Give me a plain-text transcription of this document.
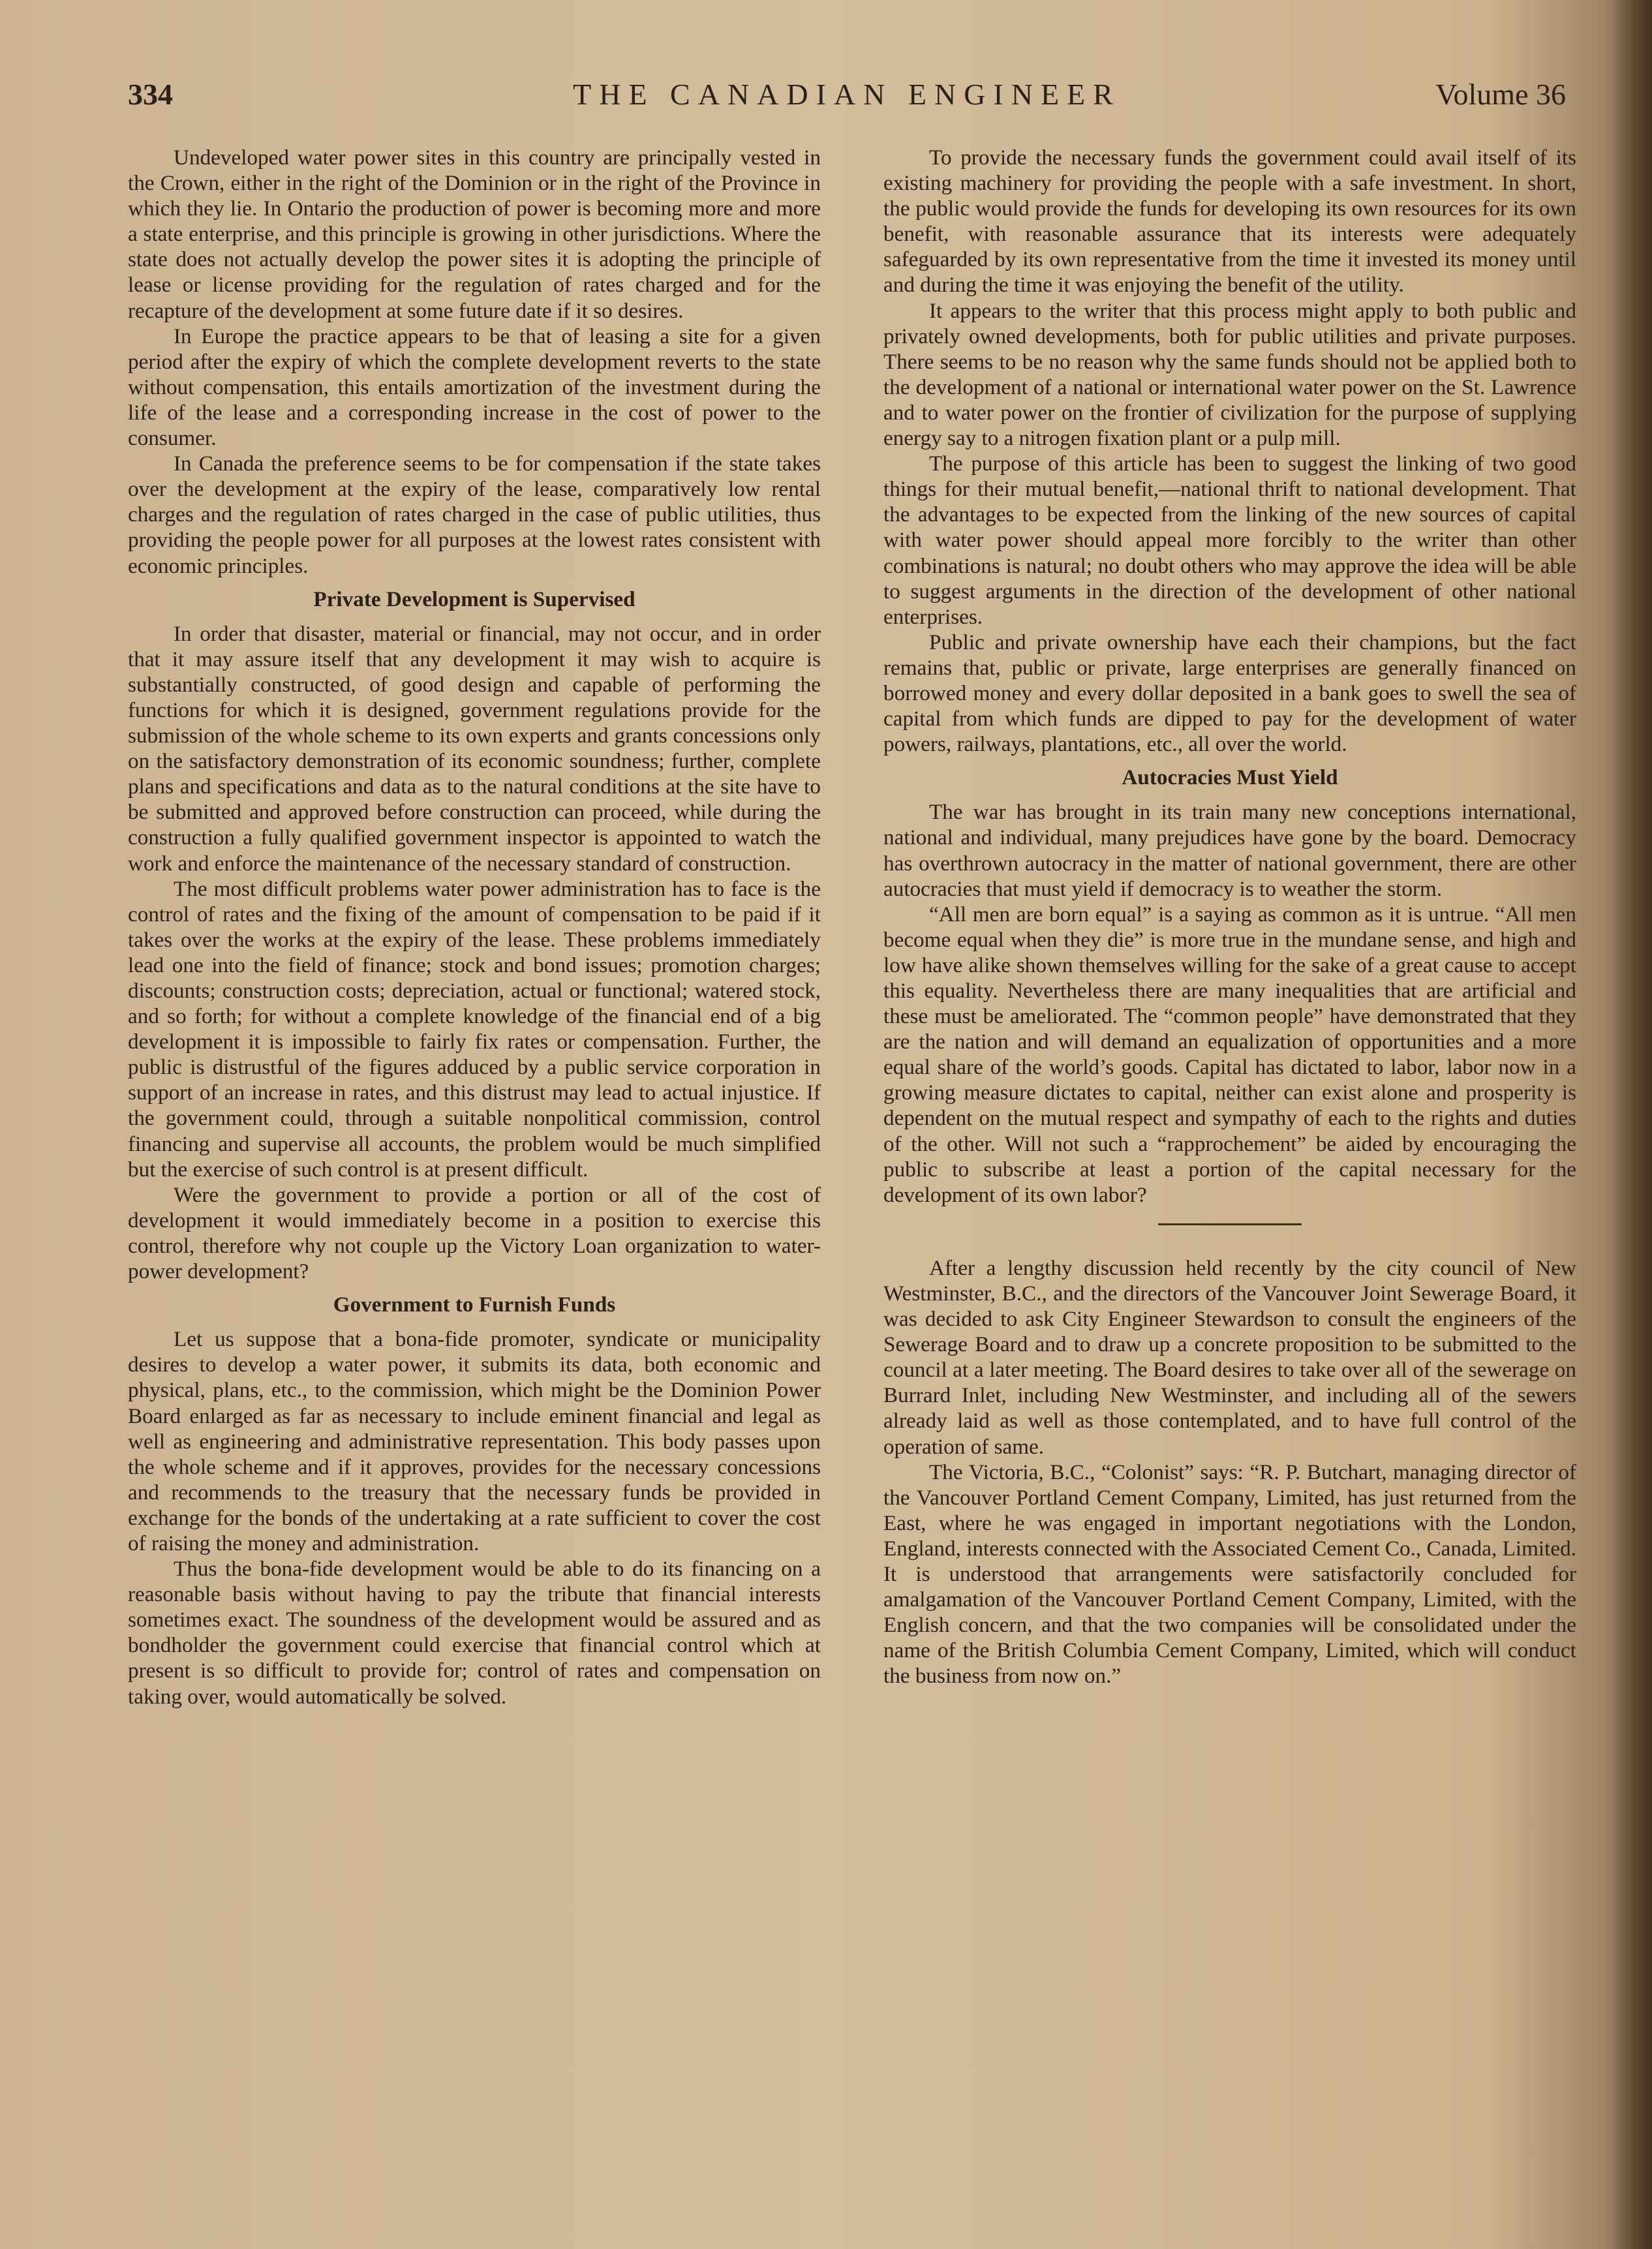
334	THE CANADIAN ENGINEER	Volume 36

Undeveloped water power sites in this country are principally vested in the Crown, either in the right of the Dominion or in the right of the Province in which they lie. In Ontario the production of power is becoming more and more a state enterprise, and this principle is growing in other jurisdictions. Where the state does not actually develop the power sites it is adopting the principle of lease or license providing for the regulation of rates charged and for the recapture of the development at some future date if it so desires.

In Europe the practice appears to be that of leasing a site for a given period after the expiry of which the complete development reverts to the state without compensation, this entails amortization of the investment during the life of the lease and a corresponding increase in the cost of power to the consumer.

In Canada the preference seems to be for compensation if the state takes over the development at the expiry of the lease, comparatively low rental charges and the regulation of rates charged in the case of public utilities, thus providing the people power for all purposes at the lowest rates consistent with economic principles.

Private Development is Supervised

In order that disaster, material or financial, may not occur, and in order that it may assure itself that any development it may wish to acquire is substantially constructed, of good design and capable of performing the functions for which it is designed, government regulations provide for the submission of the whole scheme to its own experts and grants concessions only on the satisfactory demonstration of its economic soundness; further, complete plans and specifications and data as to the natural conditions at the site have to be submitted and approved before construction can proceed, while during the construction a fully qualified government inspector is appointed to watch the work and enforce the maintenance of the necessary standard of construction.

The most difficult problems water power administration has to face is the control of rates and the fixing of the amount of compensation to be paid if it takes over the works at the expiry of the lease. These problems immediately lead one into the field of finance; stock and bond issues; promotion charges; discounts; construction costs; depreciation, actual or functional; watered stock, and so forth; for without a complete knowledge of the financial end of a big development it is impossible to fairly fix rates or compensation. Further, the public is distrustful of the figures adduced by a public service corporation in support of an increase in rates, and this distrust may lead to actual injustice. If the government could, through a suitable nonpolitical commission, control financing and supervise all accounts, the problem would be much simplified but the exercise of such control is at present difficult.

Were the government to provide a portion or all of the cost of development it would immediately become in a position to exercise this control, therefore why not couple up the Victory Loan organization to water-power development?

Government to Furnish Funds

Let us suppose that a bona-fide promoter, syndicate or municipality desires to develop a water power, it submits its data, both economic and physical, plans, etc., to the commission, which might be the Dominion Power Board enlarged as far as necessary to include eminent financial and legal as well as engineering and administrative representation. This body passes upon the whole scheme and if it approves, provides for the necessary concessions and recommends to the treasury that the necessary funds be provided in exchange for the bonds of the undertaking at a rate sufficient to cover the cost of raising the money and administration.

Thus the bona-fide development would be able to do its financing on a reasonable basis without having to pay the tribute that financial interests sometimes exact. The soundness of the development would be assured and as bondholder the government could exercise that financial control which at present is so difficult to provide for; control of rates and compensation on taking over, would automatically be solved.

To provide the necessary funds the government could avail itself of its existing machinery for providing the people with a safe investment. In short, the public would provide the funds for developing its own resources for its own benefit, with reasonable assurance that its interests were adequately safeguarded by its own representative from the time it invested its money until and during the time it was enjoying the benefit of the utility.

It appears to the writer that this process might apply to both public and privately owned developments, both for public utilities and private purposes. There seems to be no reason why the same funds should not be applied both to the development of a national or international water power on the St. Lawrence and to water power on the frontier of civilization for the purpose of supplying energy say to a nitrogen fixation plant or a pulp mill.

The purpose of this article has been to suggest the linking of two good things for their mutual benefit,—national thrift to national development. That the advantages to be expected from the linking of the new sources of capital with water power should appeal more forcibly to the writer than other combinations is natural; no doubt others who may approve the idea will be able to suggest arguments in the direction of the development of other national enterprises.

Public and private ownership have each their champions, but the fact remains that, public or private, large enterprises are generally financed on borrowed money and every dollar deposited in a bank goes to swell the sea of capital from which funds are dipped to pay for the development of water powers, railways, plantations, etc., all over the world.

Autocracies Must Yield

The war has brought in its train many new conceptions international, national and individual, many prejudices have gone by the board. Democracy has overthrown autocracy in the matter of national government, there are other autocracies that must yield if democracy is to weather the storm.

“All men are born equal” is a saying as common as it is untrue. “All men become equal when they die” is more true in the mundane sense, and high and low have alike shown themselves willing for the sake of a great cause to accept this equality. Nevertheless there are many inequalities that are artificial and these must be ameliorated. The “common people” have demonstrated that they are the nation and will demand an equalization of opportunities and a more equal share of the world’s goods. Capital has dictated to labor, labor now in a growing measure dictates to capital, neither can exist alone and prosperity is dependent on the mutual respect and sympathy of each to the rights and duties of the other. Will not such a “rapprochement” be aided by encouraging the public to subscribe at least a portion of the capital necessary for the development of its own labor?

After a lengthy discussion held recently by the city council of New Westminster, B.C., and the directors of the Vancouver Joint Sewerage Board, it was decided to ask City Engineer Stewardson to consult the engineers of the Sewerage Board and to draw up a concrete proposition to be submitted to the council at a later meeting. The Board desires to take over all of the sewerage on Burrard Inlet, including New Westminster, and including all of the sewers already laid as well as those contemplated, and to have full control of the operation of same.

The Victoria, B.C., “Colonist” says: “R. P. Butchart, managing director of the Vancouver Portland Cement Company, Limited, has just returned from the East, where he was engaged in important negotiations with the London, England, interests connected with the Associated Cement Co., Canada, Limited. It is understood that arrangements were satisfactorily concluded for amalgamation of the Vancouver Portland Cement Company, Limited, with the English concern, and that the two companies will be consolidated under the name of the British Columbia Cement Company, Limited, which will conduct the business from now on.”
